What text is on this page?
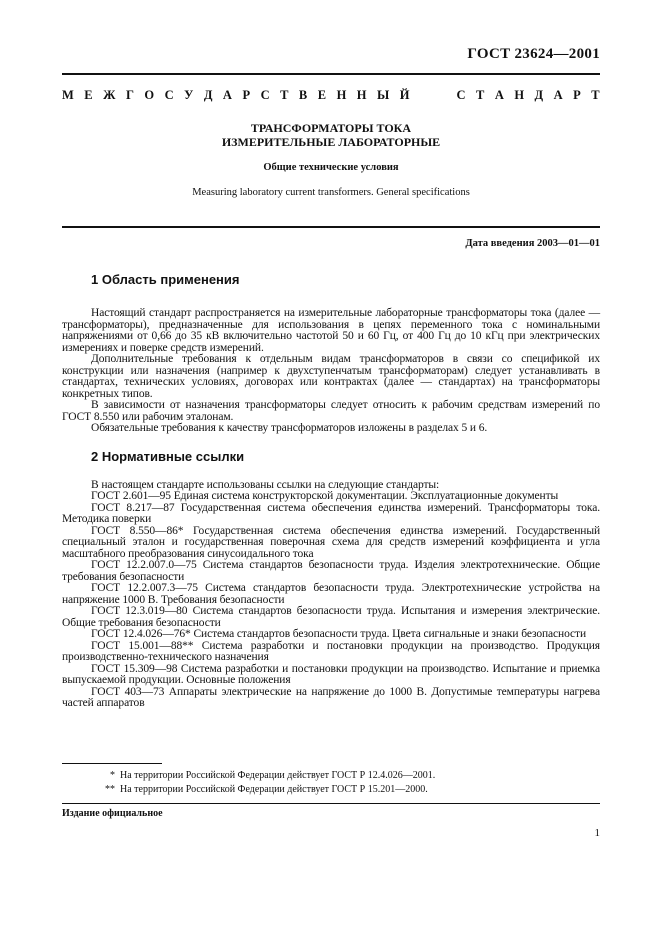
ГОСТ 23624—2001
М Е Ж Г О С У Д А Р С Т В Е Н Н Ы Й	С Т А Н Д А Р Т
ТРАНСФОРМАТОРЫ ТОКА
ИЗМЕРИТЕЛЬНЫЕ ЛАБОРАТОРНЫЕ
Общие технические условия
Measuring laboratory current transformers. General specifications
Дата введения 2003—01—01
1 Область применения

Настоящий стандарт распространяется на измерительные лабораторные трансформаторы тока (далее — трансформаторы), предназначенные для использования в цепях переменного тока с номинальными напряжениями от 0,66 до 35 кВ включительно частотой 50 и 60 Гц, от 400 Гц до 10 кГц при электрических измерениях и поверке средств измерений.

Дополнительные требования к отдельным видам трансформаторов в связи со спецификой их конструкции или назначения (например к двухступенчатым трансформаторам) следует устанавливать в стандартах, технических условиях, договорах или контрактах (далее — стандартах) на трансформаторы конкретных типов.

В зависимости от назначения трансформаторы следует относить к рабочим средствам измерений по ГОСТ 8.550 или рабочим эталонам.

Обязательные требования к качеству трансформаторов изложены в разделах 5 и 6.

2 Нормативные ссылки

В настоящем стандарте использованы ссылки на следующие стандарты:

ГОСТ 2.601—95 Единая система конструкторской документации. Эксплуатационные документы

ГОСТ 8.217—87 Государственная система обеспечения единства измерений. Трансформаторы тока. Методика поверки

ГОСТ 8.550—86* Государственная система обеспечения единства измерений. Государственный специальный эталон и государственная поверочная схема для средств измерений коэффициента и угла масштабного преобразования синусоидального тока

ГОСТ 12.2.007.0—75 Система стандартов безопасности труда. Изделия электротехнические. Общие требования безопасности

ГОСТ 12.2.007.3—75 Система стандартов безопасности труда. Электротехнические устройства на напряжение 1000 В. Требования безопасности

ГОСТ 12.3.019—80 Система стандартов безопасности труда. Испытания и измерения электрические. Общие требования безопасности

ГОСТ 12.4.026—76* Система стандартов безопасности труда. Цвета сигнальные и знаки безопасности

ГОСТ 15.001—88** Система разработки и постановки продукции на производство. Продукция производственно-технического назначения

ГОСТ 15.309—98 Система разработки и постановки продукции на производство. Испытание и приемка выпускаемой продукции. Основные положения

ГОСТ 403—73 Аппараты электрические на напряжение до 1000 В. Допустимые температуры нагрева частей аппаратов

* На территории Российской Федерации действует ГОСТ Р 12.4.026—2001.
** На территории Российской Федерации действует ГОСТ Р 15.201—2000.
Издание официальное
1
